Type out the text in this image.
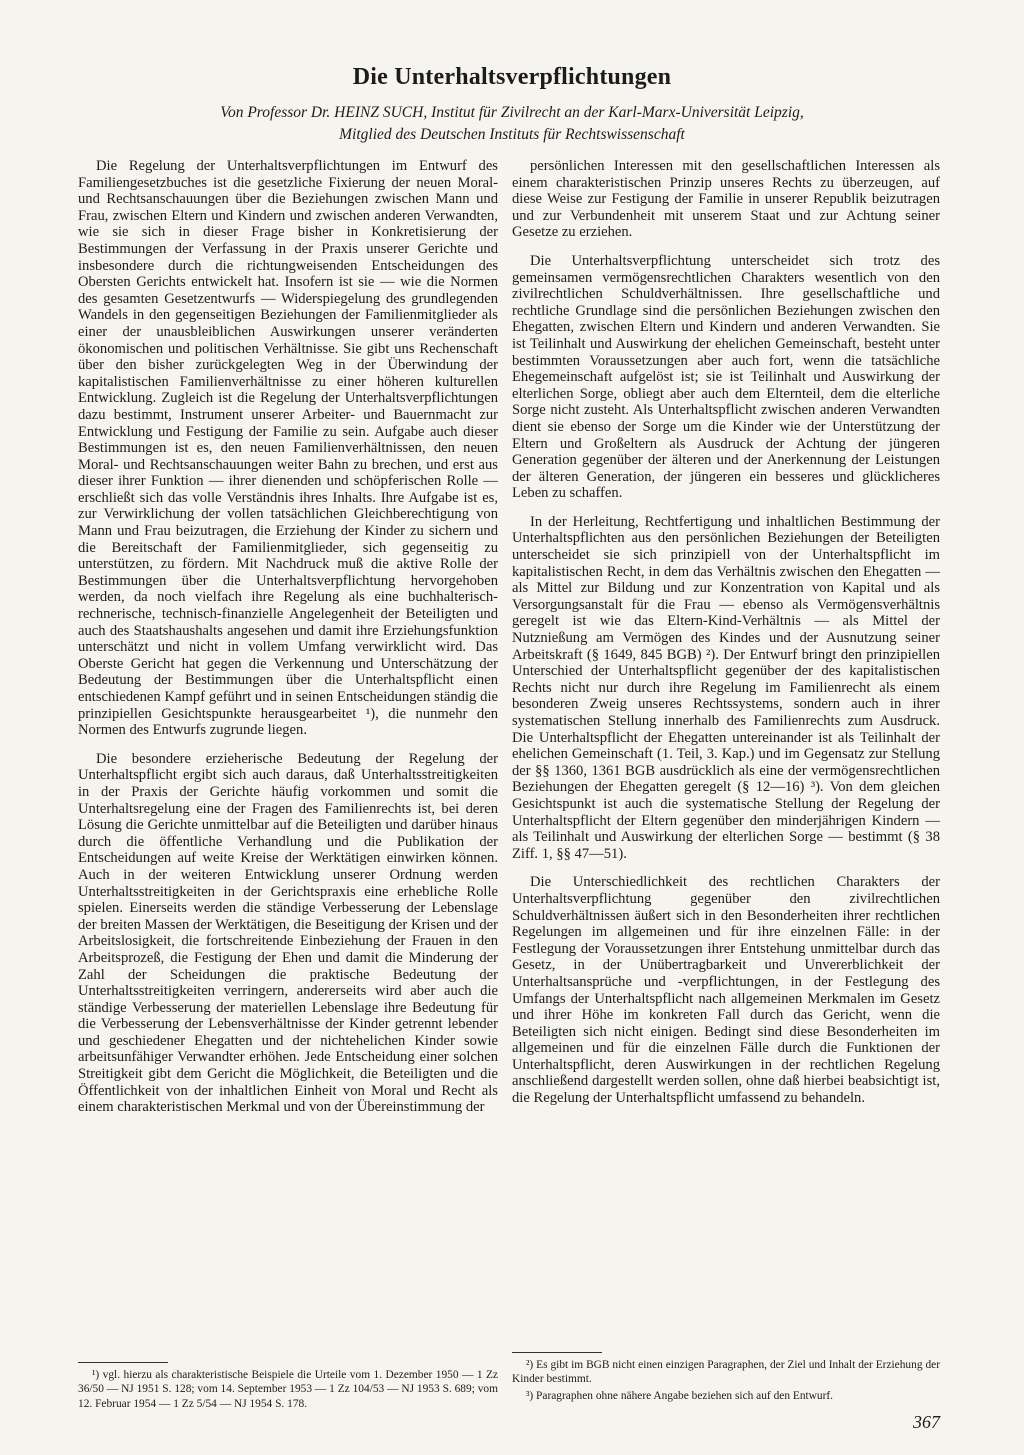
Die Unterhaltsverpflichtungen
Von Professor Dr. HEINZ SUCH, Institut für Zivilrecht an der Karl-Marx-Universität Leipzig,
Mitglied des Deutschen Instituts für Rechtswissenschaft

Die Regelung der Unterhaltsverpflichtungen im Entwurf des Familiengesetzbuches ist die gesetzliche Fixierung der neuen Moral- und Rechtsanschauungen über die Beziehungen zwischen Mann und Frau, zwischen Eltern und Kindern und zwischen anderen Verwandten, wie sie sich in dieser Frage bisher in Konkretisierung der Bestimmungen der Verfassung in der Praxis unserer Gerichte und insbesondere durch die richtungweisenden Entscheidungen des Obersten Gerichts entwickelt hat. Insofern ist sie — wie die Normen des gesamten Gesetzentwurfs — Widerspiegelung des grundlegenden Wandels in den gegenseitigen Beziehungen der Familienmitglieder als einer der unausbleiblichen Auswirkungen unserer veränderten ökonomischen und politischen Verhältnisse. Sie gibt uns Rechenschaft über den bisher zurückgelegten Weg in der Überwindung der kapitalistischen Familienverhältnisse zu einer höheren kulturellen Entwicklung. Zugleich ist die Regelung der Unterhaltsverpflichtungen dazu bestimmt, Instrument unserer Arbeiter- und Bauernmacht zur Entwicklung und Festigung der Familie zu sein. Aufgabe auch dieser Bestimmungen ist es, den neuen Familienverhältnissen, den neuen Moral- und Rechtsanschauungen weiter Bahn zu brechen, und erst aus dieser ihrer Funktion — ihrer dienenden und schöpferischen Rolle — erschließt sich das volle Verständnis ihres Inhalts. Ihre Aufgabe ist es, zur Verwirklichung der vollen tatsächlichen Gleichberechtigung von Mann und Frau beizutragen, die Erziehung der Kinder zu sichern und die Bereitschaft der Familienmitglieder, sich gegenseitig zu unterstützen, zu fördern. Mit Nachdruck muß die aktive Rolle der Bestimmungen über die Unterhaltsverpflichtung hervorgehoben werden, da noch vielfach ihre Regelung als eine buchhalterisch-rechnerische, technisch-finanzielle Angelegenheit der Beteiligten und auch des Staatshaushalts angesehen und damit ihre Erziehungsfunktion unterschätzt und nicht in vollem Umfang verwirklicht wird. Das Oberste Gericht hat gegen die Verkennung und Unterschätzung der Bedeutung der Bestimmungen über die Unterhaltspflicht einen entschiedenen Kampf geführt und in seinen Entscheidungen ständig die prinzipiellen Gesichtspunkte herausgearbeitet ¹), die nunmehr den Normen des Entwurfs zugrunde liegen.

Die besondere erzieherische Bedeutung der Regelung der Unterhaltspflicht ergibt sich auch daraus, daß Unterhaltsstreitigkeiten in der Praxis der Gerichte häufig vorkommen und somit die Unterhaltsregelung eine der Fragen des Familienrechts ist, bei deren Lösung die Gerichte unmittelbar auf die Beteiligten und darüber hinaus durch die öffentliche Verhandlung und die Publikation der Entscheidungen auf weite Kreise der Werktätigen einwirken können. Auch in der weiteren Entwicklung unserer Ordnung werden Unterhaltsstreitigkeiten in der Gerichtspraxis eine erhebliche Rolle spielen. Einerseits werden die ständige Verbesserung der Lebenslage der breiten Massen der Werktätigen, die Beseitigung der Krisen und der Arbeitslosigkeit, die fortschreitende Einbeziehung der Frauen in den Arbeitsprozeß, die Festigung der Ehen und damit die Minderung der Zahl der Scheidungen die praktische Bedeutung der Unterhaltsstreitigkeiten verringern, andererseits wird aber auch die ständige Verbesserung der materiellen Lebenslage ihre Bedeutung für die Verbesserung der Lebensverhältnisse der Kinder getrennt lebender und geschiedener Ehegatten und der nichtehelichen Kinder sowie arbeitsunfähiger Verwandter erhöhen. Jede Entscheidung einer solchen Streitigkeit gibt dem Gericht die Möglichkeit, die Beteiligten und die Öffentlichkeit von der inhaltlichen Einheit von Moral und Recht als einem charakteristischen Merkmal und von der Übereinstimmung der

persönlichen Interessen mit den gesellschaftlichen Interessen als einem charakteristischen Prinzip unseres Rechts zu überzeugen, auf diese Weise zur Festigung der Familie in unserer Republik beizutragen und zur Verbundenheit mit unserem Staat und zur Achtung seiner Gesetze zu erziehen.

Die Unterhaltsverpflichtung unterscheidet sich trotz des gemeinsamen vermögensrechtlichen Charakters wesentlich von den zivilrechtlichen Schuldverhältnissen. Ihre gesellschaftliche und rechtliche Grundlage sind die persönlichen Beziehungen zwischen den Ehegatten, zwischen Eltern und Kindern und anderen Verwandten. Sie ist Teilinhalt und Auswirkung der ehelichen Gemeinschaft, besteht unter bestimmten Voraussetzungen aber auch fort, wenn die tatsächliche Ehegemeinschaft aufgelöst ist; sie ist Teilinhalt und Auswirkung der elterlichen Sorge, obliegt aber auch dem Elternteil, dem die elterliche Sorge nicht zusteht. Als Unterhaltspflicht zwischen anderen Verwandten dient sie ebenso der Sorge um die Kinder wie der Unterstützung der Eltern und Großeltern als Ausdruck der Achtung der jüngeren Generation gegenüber der älteren und der Anerkennung der Leistungen der älteren Generation, der jüngeren ein besseres und glücklicheres Leben zu schaffen.

In der Herleitung, Rechtfertigung und inhaltlichen Bestimmung der Unterhaltspflichten aus den persönlichen Beziehungen der Beteiligten unterscheidet sie sich prinzipiell von der Unterhaltspflicht im kapitalistischen Recht, in dem das Verhältnis zwischen den Ehegatten — als Mittel zur Bildung und zur Konzentration von Kapital und als Versorgungsanstalt für die Frau — ebenso als Vermögensverhältnis geregelt ist wie das Eltern-Kind-Verhältnis — als Mittel der Nutznießung am Vermögen des Kindes und der Ausnutzung seiner Arbeitskraft (§ 1649, 845 BGB) ²). Der Entwurf bringt den prinzipiellen Unterschied der Unterhaltspflicht gegenüber der des kapitalistischen Rechts nicht nur durch ihre Regelung im Familienrecht als einem besonderen Zweig unseres Rechtssystems, sondern auch in ihrer systematischen Stellung innerhalb des Familienrechts zum Ausdruck. Die Unterhaltspflicht der Ehegatten untereinander ist als Teilinhalt der ehelichen Gemeinschaft (1. Teil, 3. Kap.) und im Gegensatz zur Stellung der §§ 1360, 1361 BGB ausdrücklich als eine der vermögensrechtlichen Beziehungen der Ehegatten geregelt (§ 12—16) ³). Von dem gleichen Gesichtspunkt ist auch die systematische Stellung der Regelung der Unterhaltspflicht der Eltern gegenüber den minderjährigen Kindern — als Teilinhalt und Auswirkung der elterlichen Sorge — bestimmt (§ 38 Ziff. 1, §§ 47—51).

Die Unterschiedlichkeit des rechtlichen Charakters der Unterhaltsverpflichtung gegenüber den zivilrechtlichen Schuldverhältnissen äußert sich in den Besonderheiten ihrer rechtlichen Regelungen im allgemeinen und für ihre einzelnen Fälle: in der Festlegung der Voraussetzungen ihrer Entstehung unmittelbar durch das Gesetz, in der Unübertragbarkeit und Unvererblichkeit der Unterhaltsansprüche und -verpflichtungen, in der Festlegung des Umfangs der Unterhaltspflicht nach allgemeinen Merkmalen im Gesetz und ihrer Höhe im konkreten Fall durch das Gericht, wenn die Beteiligten sich nicht einigen. Bedingt sind diese Besonderheiten im allgemeinen und für die einzelnen Fälle durch die Funktionen der Unterhaltspflicht, deren Auswirkungen in der rechtlichen Regelung anschließend dargestellt werden sollen, ohne daß hierbei beabsichtigt ist, die Regelung der Unterhaltspflicht umfassend zu behandeln.

¹) vgl. hierzu als charakteristische Beispiele die Urteile vom 1. Dezember 1950 — 1 Zz 36/50 — NJ 1951 S. 128; vom 14. September 1953 — 1 Zz 104/53 — NJ 1953 S. 689; vom 12. Februar 1954 — 1 Zz 5/54 — NJ 1954 S. 178.

²) Es gibt im BGB nicht einen einzigen Paragraphen, der Ziel und Inhalt der Erziehung der Kinder bestimmt.

³) Paragraphen ohne nähere Angabe beziehen sich auf den Entwurf.

367
